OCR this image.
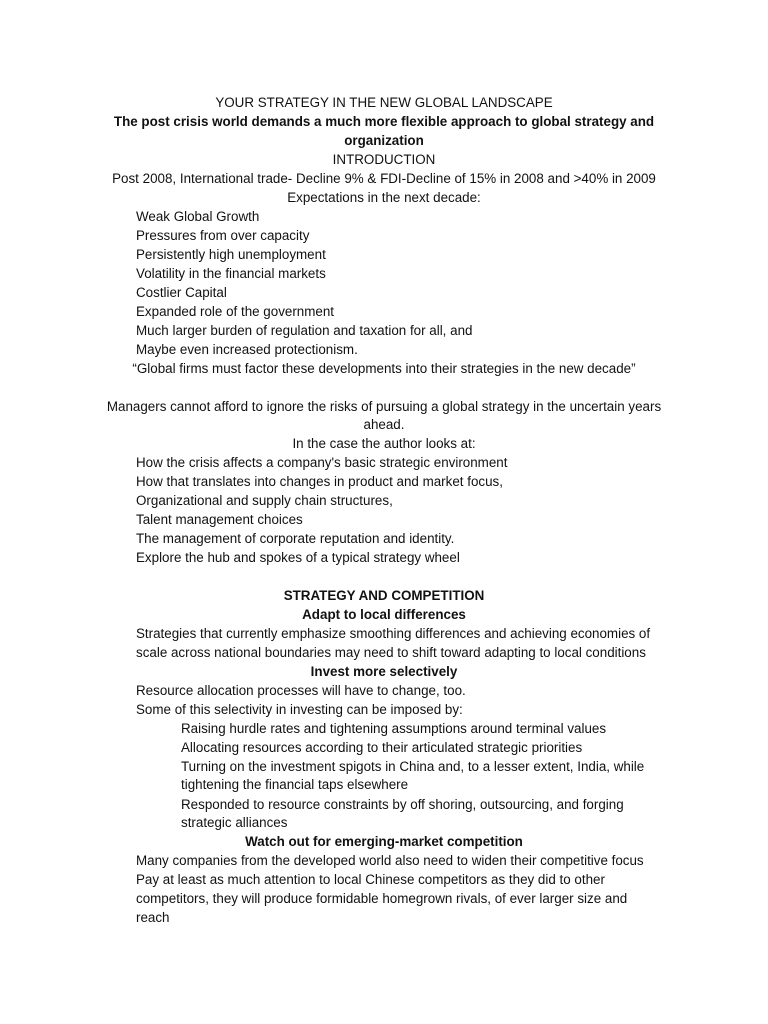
YOUR STRATEGY IN THE NEW GLOBAL LANDSCAPE
The post crisis world demands a much more flexible approach to global strategy and
organization
INTRODUCTION
Post 2008, International trade- Decline 9% & FDI-Decline of 15% in 2008 and >40% in 2009
Expectations in the next decade:
Weak Global Growth
Pressures from over capacity
Persistently high unemployment
Volatility in the financial markets
Costlier Capital
Expanded role of the government
Much larger burden of regulation and taxation for all, and
Maybe even increased protectionism.
“Global firms must factor these developments into their strategies in the new decade”
Managers cannot afford to ignore the risks of pursuing a global strategy in the uncertain years
ahead.
In the case the author looks at:
How the crisis affects a company's basic strategic environment
How that translates into changes in product and market focus,
Organizational and supply chain structures,
Talent management choices
The management of corporate reputation and identity.
Explore the hub and spokes of a typical strategy wheel
STRATEGY AND COMPETITION
Adapt to local differences
Strategies that currently emphasize smoothing differences and achieving economies of
scale across national boundaries may need to shift toward adapting to local conditions
Invest more selectively
Resource allocation processes will have to change, too.
Some of this selectivity in investing can be imposed by:
Raising hurdle rates and tightening assumptions around terminal values
Allocating resources according to their articulated strategic priorities
Turning on the investment spigots in China and, to a lesser extent, India, while
tightening the financial taps elsewhere
Responded to resource constraints by off shoring, outsourcing, and forging
strategic alliances
Watch out for emerging-market competition
Many companies from the developed world also need to widen their competitive focus
Pay at least as much attention to local Chinese competitors as they did to other
competitors, they will produce formidable homegrown rivals, of ever larger size and
reach
